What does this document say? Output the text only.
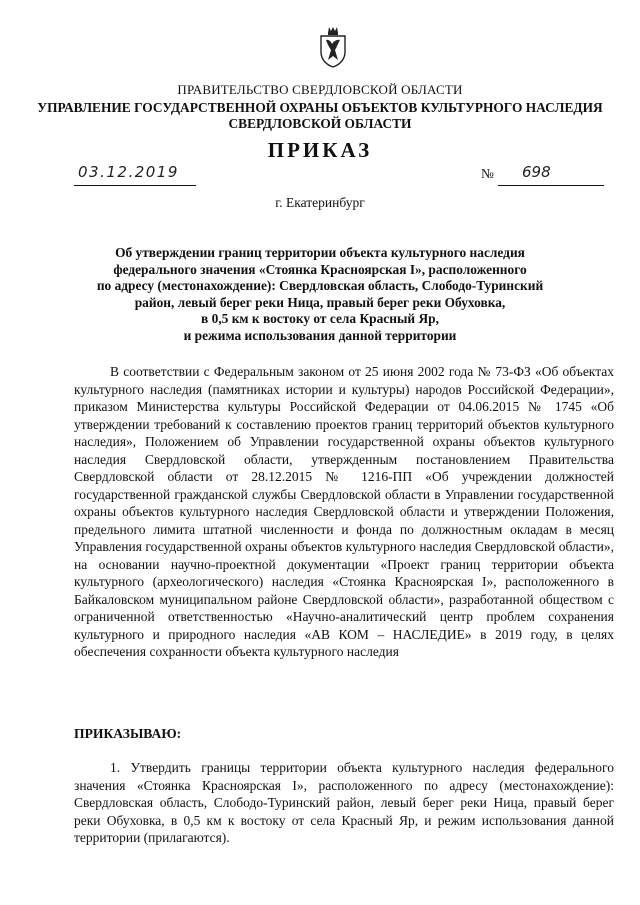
ПРАВИТЕЛЬСТВО СВЕРДЛОВСКОЙ ОБЛАСТИ
УПРАВЛЕНИЕ ГОСУДАРСТВЕННОЙ ОХРАНЫ ОБЪЕКТОВ КУЛЬТУРНОГО НАСЛЕДИЯ
СВЕРДЛОВСКОЙ ОБЛАСТИ
ПРИКАЗ
03.12.2019	№ 698
г. Екатеринбург
Об утверждении границ территории объекта культурного наследия
федерального значения «Стоянка Красноярская I», расположенного
по адресу (местонахождение): Свердловская область, Слободо-Туринский
район, левый берег реки Ница, правый берег реки Обуховка,
в 0,5 км к востоку от села Красный Яр,
и режима использования данной территории

В соответствии с Федеральным законом от 25 июня 2002 года № 73-ФЗ «Об объектах культурного наследия (памятниках истории и культуры) народов Российской Федерации», приказом Министерства культуры Российской Федерации от 04.06.2015 № 1745 «Об утверждении требований к составлению проектов границ территорий объектов культурного наследия», Положением об Управлении государственной охраны объектов культурного наследия Свердловской области, утвержденным постановлением Правительства Свердловской области от 28.12.2015 № 1216-ПП «Об учреждении должностей государственной гражданской службы Свердловской области в Управлении государственной охраны объектов культурного наследия Свердловской области и утверждении Положения, предельного лимита штатной численности и фонда по должностным окладам в месяц Управления государственной охраны объектов культурного наследия Свердловской области», на основании научно-проектной документации «Проект границ территории объекта культурного (археологического) наследия «Стоянка Красноярская I», расположенного в Байкаловском муниципальном районе Свердловской области», разработанной обществом с ограниченной ответственностью «Научно-аналитический центр проблем сохранения культурного и природного наследия «АВ КОМ – НАСЛЕДИЕ» в 2019 году, в целях обеспечения сохранности объекта культурного наследия

ПРИКАЗЫВАЮ:

1. Утвердить границы территории объекта культурного наследия федерального значения «Стоянка Красноярская I», расположенного по адресу (местонахождение): Свердловская область, Слободо-Туринский район, левый берег реки Ница, правый берег реки Обуховка, в 0,5 км к востоку от села Красный Яр, и режим использования данной территории (прилагаются).
